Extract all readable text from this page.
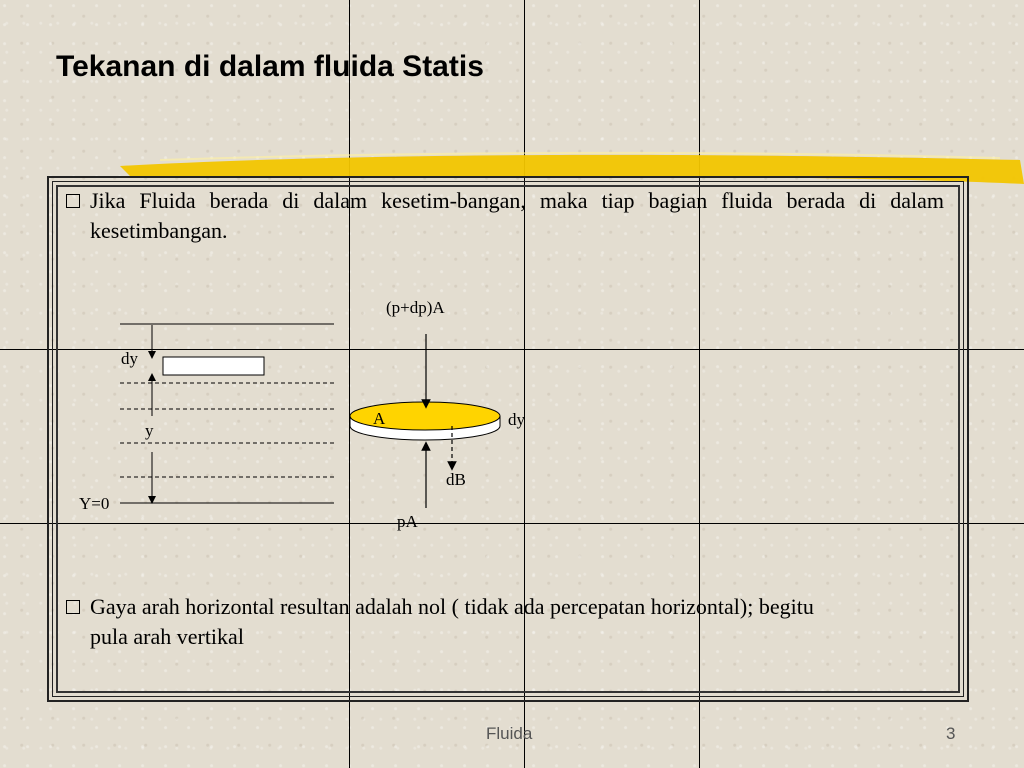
Tekanan di dalam fluida Statis
Jika Fluida berada di dalam kesetim-bangan, maka tiap bagian fluida berada di dalam kesetimbangan.
dy
y
Y=0
(p+dp)A
A	dy
dB
pA
Gaya arah horizontal resultan adalah nol ( tidak ada percepatan horizontal); begitu pula arah vertikal
Fluida	3
